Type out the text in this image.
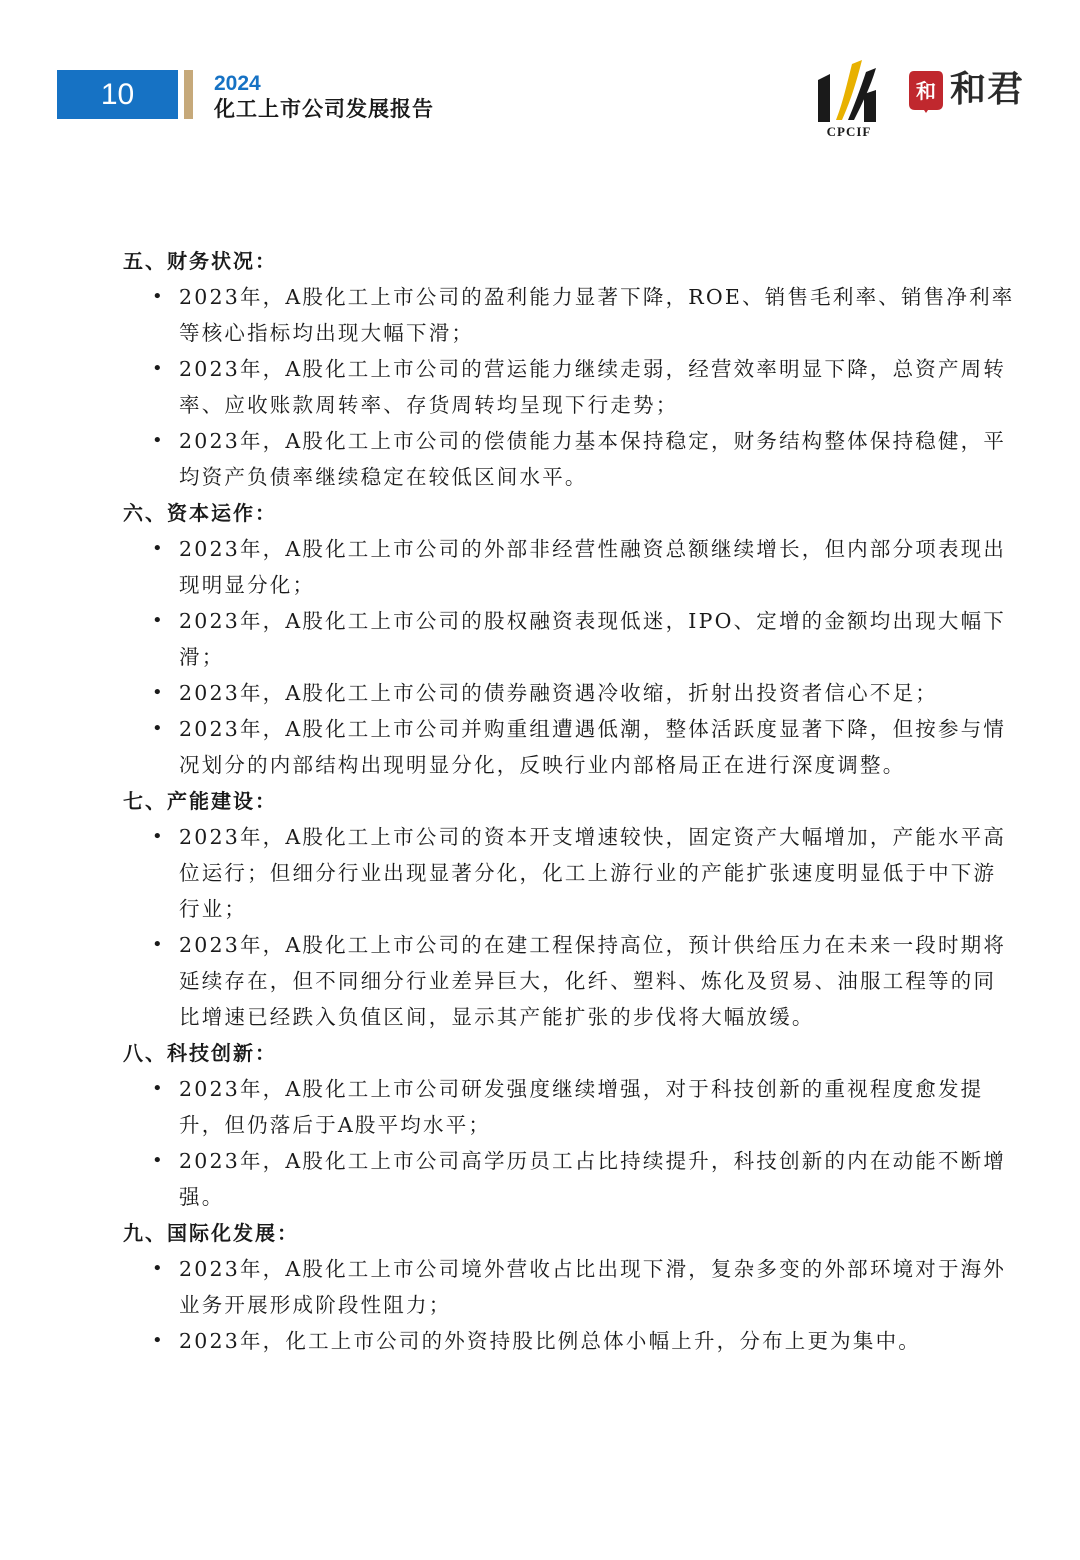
10	2024
化工上市公司发展报告
CPCIF
和 和君

五、财务状况：

• 2023年，A股化工上市公司的盈利能力显著下降，ROE、销售毛利率、销售净利率等核心指标均出现大幅下滑；
• 2023年，A股化工上市公司的营运能力继续走弱，经营效率明显下降，总资产周转率、应收账款周转率、存货周转均呈现下行走势；
• 2023年，A股化工上市公司的偿债能力基本保持稳定，财务结构整体保持稳健，平均资产负债率继续稳定在较低区间水平。

六、资本运作：

• 2023年，A股化工上市公司的外部非经营性融资总额继续增长，但内部分项表现出现明显分化；
• 2023年，A股化工上市公司的股权融资表现低迷，IPO、定增的金额均出现大幅下滑；
• 2023年，A股化工上市公司的债券融资遇冷收缩，折射出投资者信心不足；
• 2023年，A股化工上市公司并购重组遭遇低潮，整体活跃度显著下降，但按参与情况划分的内部结构出现明显分化，反映行业内部格局正在进行深度调整。

七、产能建设：

• 2023年，A股化工上市公司的资本开支增速较快，固定资产大幅增加，产能水平高位运行；但细分行业出现显著分化，化工上游行业的产能扩张速度明显低于中下游行业；
• 2023年，A股化工上市公司的在建工程保持高位，预计供给压力在未来一段时期将延续存在，但不同细分行业差异巨大，化纤、塑料、炼化及贸易、油服工程等的同比增速已经跌入负值区间，显示其产能扩张的步伐将大幅放缓。

八、科技创新：

• 2023年，A股化工上市公司研发强度继续增强，对于科技创新的重视程度愈发提升，但仍落后于A股平均水平；
• 2023年，A股化工上市公司高学历员工占比持续提升，科技创新的内在动能不断增强。

九、国际化发展：

• 2023年，A股化工上市公司境外营收占比出现下滑，复杂多变的外部环境对于海外业务开展形成阶段性阻力；
• 2023年，化工上市公司的外资持股比例总体小幅上升，分布上更为集中。
